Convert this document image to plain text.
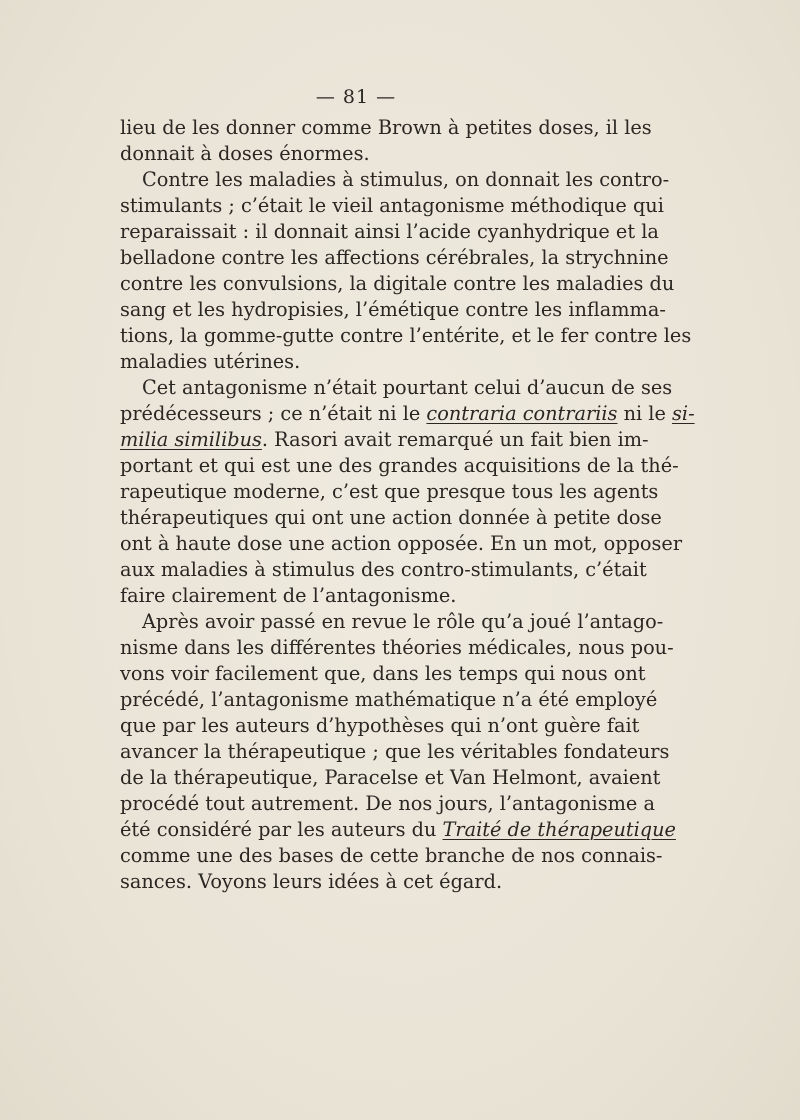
— 81 —
lieu de les donner comme Brown à petites doses, il les
donnait à doses énormes.
Contre les maladies à stimulus, on donnait les contro-
stimulants ; c’était le vieil antagonisme méthodique qui
reparaissait : il donnait ainsi l’acide cyanhydrique et la
belladone contre les affections cérébrales, la strychnine
contre les convulsions, la digitale contre les maladies du
sang et les hydropisies, l’émétique contre les inflamma-
tions, la gomme-gutte contre l’entérite, et le fer contre les
maladies utérines.
Cet antagonisme n’était pourtant celui d’aucun de ses
prédécesseurs ; ce n’était ni le contraria contrariis ni le si-
milia similibus. Rasori avait remarqué un fait bien im-
portant et qui est une des grandes acquisitions de la thé-
rapeutique moderne, c’est que presque tous les agents
thérapeutiques qui ont une action donnée à petite dose
ont à haute dose une action opposée. En un mot, opposer
aux maladies à stimulus des contro-stimulants, c’était
faire clairement de l’antagonisme.
Après avoir passé en revue le rôle qu’a joué l’antago-
nisme dans les différentes théories médicales, nous pou-
vons voir facilement que, dans les temps qui nous ont
précédé, l’antagonisme mathématique n’a été employé
que par les auteurs d’hypothèses qui n’ont guère fait
avancer la thérapeutique ; que les véritables fondateurs
de la thérapeutique, Paracelse et Van Helmont, avaient
procédé tout autrement. De nos jours, l’antagonisme a
été considéré par les auteurs du Traité de thérapeutique
comme une des bases de cette branche de nos connais-
sances. Voyons leurs idées à cet égard.
